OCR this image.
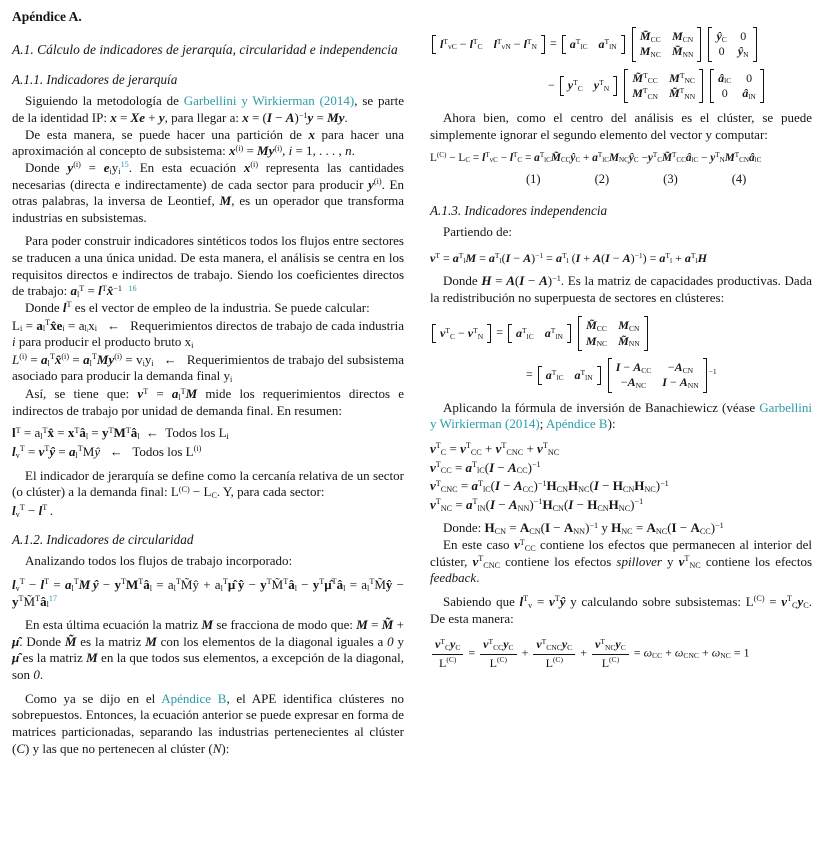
Apéndice A.
A.1. Cálculo de indicadores de jerarquía, circularidad e independencia
A.1.1. Indicadores de jerarquía

Siguiendo la metodología de Garbellini y Wirkierman (2014), se parte de la identidad IP: x = Xe + y, para llegar a: $x = (I - A)^{-1}y = My$.

De esta manera, se puede hacer una partición de x para hacer una aproximación al concepto de subsistema: $x^{(i)} = My^{(i)}$, i = 1, . . . , n.

Donde $y^{(i)} = e_iy_i^{15}$. En esta ecuación $x^{(i)}$ representa las cantidades necesarias (directa e indirectamente) de cada sector para producir $y^{(i)}$. En otras palabras, la inversa de Leontief, M, es un operador que transforma industrias en subsistemas.

Para poder construir indicadores sintéticos todos los flujos entre sectores se traducen a una única unidad. De esta manera, el análisis se centra en los requisitos directos e indirectos de trabajo. Siendo los coeficientes directos de trabajo: $a_l^T$ = $l^Tx̂^{-1}$ $^{16}$

Donde $l^T$ es el vector de empleo de la industria. Se puede calcular:

$L_i$ = $a_l^Tx̂e_i = a_{l_i}x_i$   ←   Requerimientos directos de trabajo de cada industria i para producir el producto bruto $x_i$

$L^{(i)}$ = $a_l^Tx̂^{(i)} = a_l^TMy^{(i)} = v_iy_i$   ←   Requerimientos de trabajo del subsistema asociado para producir la demanda final $y_i$

Así, se tiene que: $v^T = a_l^TM$ mide los requerimientos directos e indirectos de trabajo por unidad de demanda final. En resumen:

$l^T$ = $a_l^Tx̂$ = $x^Tâ_l$ = $y^TM^Tâ_l$  ←  Todos los $L_i$
$l_v^T$ = $v^Tŷ$ = $a_l^TMŷ$   ←   Todos los $L^{(i)}$

El indicador de jerarquía se define como la cercanía relativa de un sector (o clúster) a la demanda final: $L^{(C)} - L_C$. Y, para cada sector:

$l_v^T - l^T$ .
A.1.2. Indicadores de circularidad

Analizando todos los flujos de trabajo incorporado:

$l_v^T - l^T = a_l^TM$ ŷ − $y^TM^Tâ_l$ = $a_l^TM̃ŷ$ + $a_l^T\mû$ ŷ − $y^TM̃^Tâ_l$ − $y^T\mû^Tâ_l$ = $a_l^TM̃ŷ$ − $y^TM̃^Tâ_l^{17}$

En esta última ecuación la matriz M se fracciona de modo que: M = M̃ + μ̂. Donde M̃ es la matriz M con los elementos de la diagonal iguales a 0 y μ̂ es la matriz M en la que todos sus elementos, a excepción de la diagonal, son 0.

Como ya se dijo en el Apéndice B, el APE identifica clústeres no sobrepuestos. Entonces, la ecuación anterior se puede expresar en forma de matrices particionadas, separando las industrias pertenecientes al clúster (C) y las que no pertenecen al clúster (N):

$l^T_{vC} - l^T_C$ $l^T_{vN} - l^T_N = a^T_{lC}$ $a^T_{lN}$

$M̃_{CC}$ $M_{CN}$
$M_{NC}$ $M̃_{NN}$

$ŷ_C$ 0
0 $ŷ_N$
− $y^T_C$ $y^T_N$

M̃$^T_{CC}$ $M^T_{NC}$
$M^T_{CN}$ M̃$^T_{NN}$

$â_{lC}$ 0
0 $â_{lN}$

Ahora bien, como el centro del análisis es el clúster, se puede simplemente ignorar el segundo elemento del vector y computar:

$L^{(C)} - L_C = l^T_{vC} - l^T_C$ = $a^T_{lC}M̃_{CC}ŷ_C$ + $a^T_{lC}M_{NC}ŷ_C$ $-y^T_CM̃^T_{CC}â_{lC}$ − $y^T_NM^T_{CN}â_{lC}$
(1)	(2)	(3)	(4)
A.1.3. Indicadores independencia

Partiendo de:

$v^T = a^T_lM = a^T_l(I - A)^{-1} = a^T_l$ $(I + A(I - A)^{-1}) = a^T_l + a^T_lH$

Donde $H = A(I - A)^{-1}$. Es la matriz de capacidades productivas. Dada la redistribución no superpuesta de sectores en clústeres:

$v^T_C - v^T_N = a^T_{lC}$ $a^T_{lN}$

$M̃_{CC}$ $M_{CN}$
$M_{NC}$ $M̃_{NN}$
= $a^T_{lC}$ $a^T_{lN}$

$I - A_{CC} -A_{CN}$
$-A_{NC}$ $I - A_{NN}$
$^{-1}$

Aplicando la fórmula de inversión de Banachiewicz (véase Garbellini y Wirkierman (2014); Apéndice B):

$v^T_C = v^T_{CC} + v^T_{CNC} + v^T_{NC}$
$v^T_{CC} = a^T_{lC}(I - A_{CC})^{-1}$
$v^T_{CNC} = a^T_{lC}(I - A_{CC})^{-1}H_{CN}H_{NC}(I - H_{CN}H_{NC})^{-1}$
$v^T_{NC} = a^T_{lN}(I - A_{NN})^{-1}H_{CN}(I - H_{CN}H_{NC})^{-1}$

Donde: $H_{CN} = A_{CN}(I - A_{NN})^{-1}$ y $H_{NC} = A_{NC}(I - A_{CC})^{-1}$

En este caso $v^T_{CC}$ contiene los efectos que permanecen al interior del clúster, $v^T_{CNC}$ contiene los efectos spillover y $v^T_{NC}$ contiene los efectos feedback.

Sabiendo que $l^T_v$ = $v^Tŷ$ y calculando sobre subsistemas: $L^{(C)} = v^T_Cy_C$. De esta manera:

$\frac{v^T_Cy_C}{L^{(C)}} = \frac{v^T_{CC}y_C}{L^{(C)}} + \frac{v^T_{CNC}y_C}{L^{(C)}} + \frac{v^T_{NC}y_C}{L^{(C)}} = \omega_{CC} + \omega_{CNC} + \omega_{NC} = 1$
